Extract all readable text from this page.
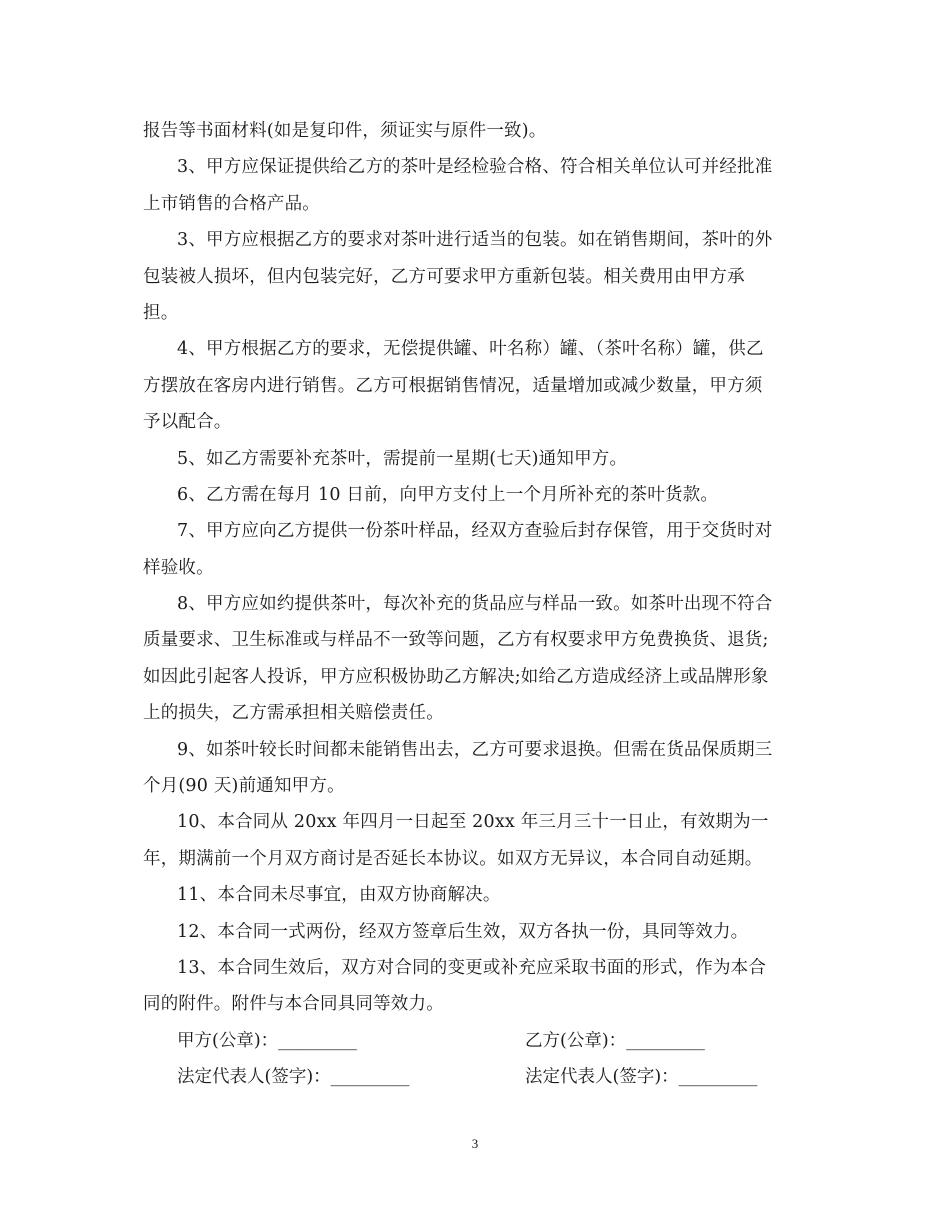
报告等书面材料(如是复印件，须证实与原件一致)。
3、甲方应保证提供给乙方的茶叶是经检验合格、符合相关单位认可并经批准
上市销售的合格产品。
3、甲方应根据乙方的要求对茶叶进行适当的包装。如在销售期间，茶叶的外
包装被人损坏，但内包装完好，乙方可要求甲方重新包装。相关费用由甲方承
担。
4、甲方根据乙方的要求，无偿提供罐、叶名称）罐、（茶叶名称）罐，供乙
方摆放在客房内进行销售。乙方可根据销售情况，适量增加或减少数量，甲方须
予以配合。
5、如乙方需要补充茶叶，需提前一星期(七天)通知甲方。
6、乙方需在每月 10 日前，向甲方支付上一个月所补充的茶叶货款。
7、甲方应向乙方提供一份茶叶样品，经双方查验后封存保管，用于交货时对
样验收。
8、甲方应如约提供茶叶，每次补充的货品应与样品一致。如茶叶出现不符合
质量要求、卫生标准或与样品不一致等问题，乙方有权要求甲方免费换货、退货;
如因此引起客人投诉，甲方应积极协助乙方解决;如给乙方造成经济上或品牌形象
上的损失，乙方需承担相关赔偿责任。
9、如茶叶较长时间都未能销售出去，乙方可要求退换。但需在货品保质期三
个月(90 天)前通知甲方。
10、本合同从 20xx 年四月一日起至 20xx 年三月三十一日止，有效期为一
年，期满前一个月双方商讨是否延长本协议。如双方无异议，本合同自动延期。
11、本合同未尽事宜，由双方协商解决。
12、本合同一式两份，经双方签章后生效，双方各执一份，具同等效力。
13、本合同生效后，双方对合同的变更或补充应采取书面的形式，作为本合
同的附件。附件与本合同具同等效力。
甲方(公章)：_________	乙方(公章)：_________
法定代表人(签字)：_________	法定代表人(签字)：_________
3
